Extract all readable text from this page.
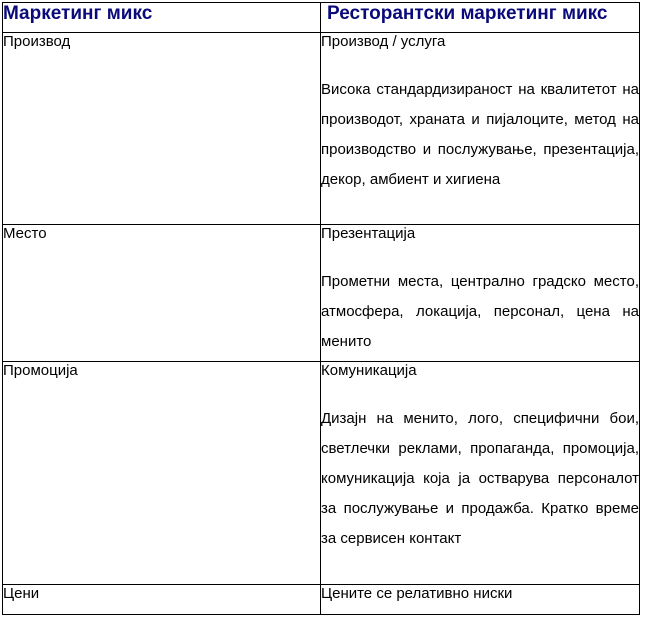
Маркетинг микс	Ресторантски маркетинг микс
Производ	Производ / услуга
Висока стандардизираност на квалитетот на производот, храната и пијалоците, метод на производство и послужување, презентација, декор, амбиент и хигиена

Место	Презентација
Прометни места, централно градско место, атмосфера, локација, персонал, цена на менито

Промоција	Комуникација
Дизајн на менито, лого, специфични бои, светлечки реклами, пропаганда, промоција, комуникација која ја остварува персоналот за послужување и продажба. Кратко време за сервисен контакт

Цени	Цените се релативно ниски
